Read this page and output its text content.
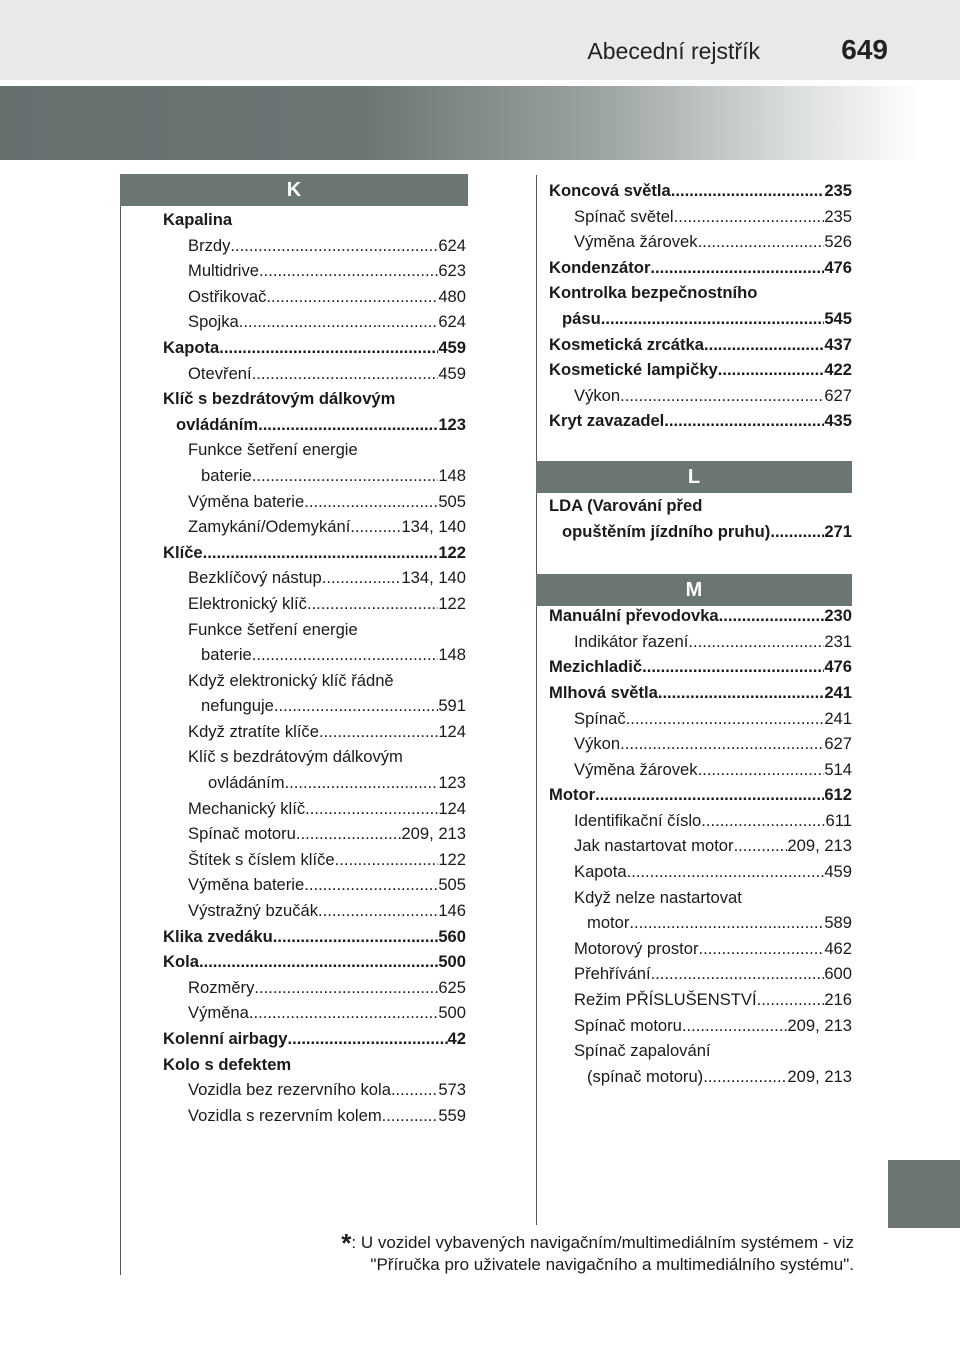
Abecední rejstřík	649
K
L
M
Kapalina
Brzdy .....	624
Multidrive .....	623
Ostřikovač .....	480
Spojka .....	624
Kapota .....	459
Otevření .....	459
Klíč s bezdrátovým dálkovým
ovládáním .....	123
Funkce šetření energie
baterie .....	148
Výměna baterie .....	505
Zamykání/Odemykání .....	134, 140
Klíče .....	122
Bezklíčový nástup .....	134, 140
Elektronický klíč .....	122
Funkce šetření energie
baterie .....	148
Když elektronický klíč řádně
nefunguje .....	591
Když ztratíte klíče .....	124
Klíč s bezdrátovým dálkovým
ovládáním .....	123
Mechanický klíč .....	124
Spínač motoru .....	209, 213
Štítek s číslem klíče .....	122
Výměna baterie .....	505
Výstražný bzučák .....	146
Klika zvedáku .....	560
Kola .....	500
Rozměry .....	625
Výměna .....	500
Kolenní airbagy .....	42
Kolo s defektem
Vozidla bez rezervního kola .....	573
Vozidla s rezervním kolem .....	559
Koncová světla .....	235
Spínač světel .....	235
Výměna žárovek .....	526
Kondenzátor .....	476
Kontrolka bezpečnostního
pásu .....	545
Kosmetická zrcátka .....	437
Kosmetické lampičky .....	422
Výkon .....	627
Kryt zavazadel .....	435
LDA (Varování před
opuštěním jízdního pruhu) .....	271
Manuální převodovka .....	230
Indikátor řazení .....	231
Mezichladič .....	476
Mlhová světla .....	241
Spínač .....	241
Výkon .....	627
Výměna žárovek .....	514
Motor .....	612
Identifikační číslo .....	611
Jak nastartovat motor .....	209, 213
Kapota .....	459
Když nelze nastartovat
motor .....	589
Motorový prostor .....	462
Přehřívání .....	600
Režim PŘÍSLUŠENSTVÍ .....	216
Spínač motoru .....	209, 213
Spínač zapalování
(spínač motoru) .....	209, 213
*: U vozidel vybavených navigačním/multimediálním systémem - viz
"Příručka pro uživatele navigačního a multimediálního systému".
